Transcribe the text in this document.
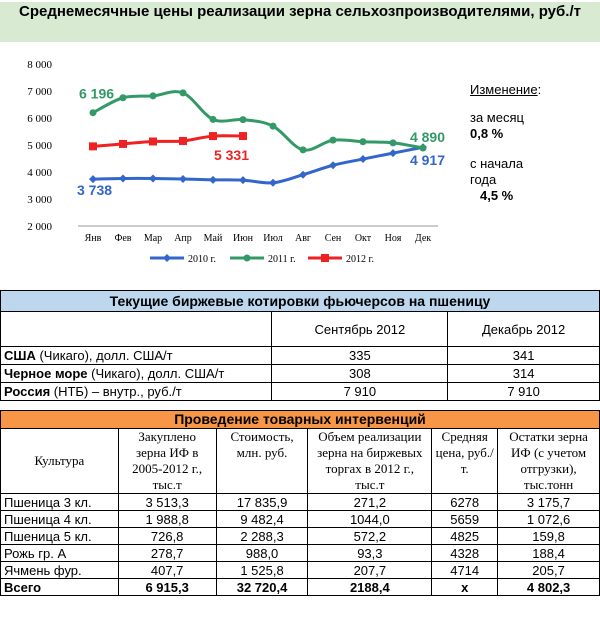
Среднемесячные цены реализации зерна сельхозпроизводителями, руб./т
2 000
3 000
4 000
5 000
6 000
7 000
8 000
Янв Фев Мар Апр Май Июн Июл Авг Сен Окт Ноя Дек
6 196
5 331
4 890
3 738
4 917
2010 г.	2011 г.	2012 г.
Изменение:
за месяц
0,8 %
с начала
года
4,5 %
Текущие биржевые котировки фьючерсов на пшеницу		
	Сентябрь 2012	Декабрь 2012
США (Чикаго), долл. США/т	335	341
Черное море (Чикаго), долл. США/т	308	314
Россия (НТБ) – внутр., руб./т	7 910	7 910
Проведение товарных интервенций					
Культура	Закуплено зерна ИФ в 2005-2012 г., тыс.т	Стоимость, млн. руб.	Объем реализации зерна на биржевых торгах в 2012 г., тыс.т	Средняя цена, руб./т.	Остатки зерна ИФ (с учетом отгрузки), тыс.тонн
Пшеница 3 кл.	3 513,3	17 835,9	271,2	6278	3 175,7
Пшеница 4 кл.	1 988,8	9 482,4	1044,0	5659	1 072,6
Пшеница 5 кл.	726,8	2 288,3	572,2	4825	159,8
Рожь гр. А	278,7	988,0	93,3	4328	188,4
Ячмень фур.	407,7	1 525,8	207,7	4714	205,7
Всего	6 915,3	32 720,4	2188,4	х	4 802,3
